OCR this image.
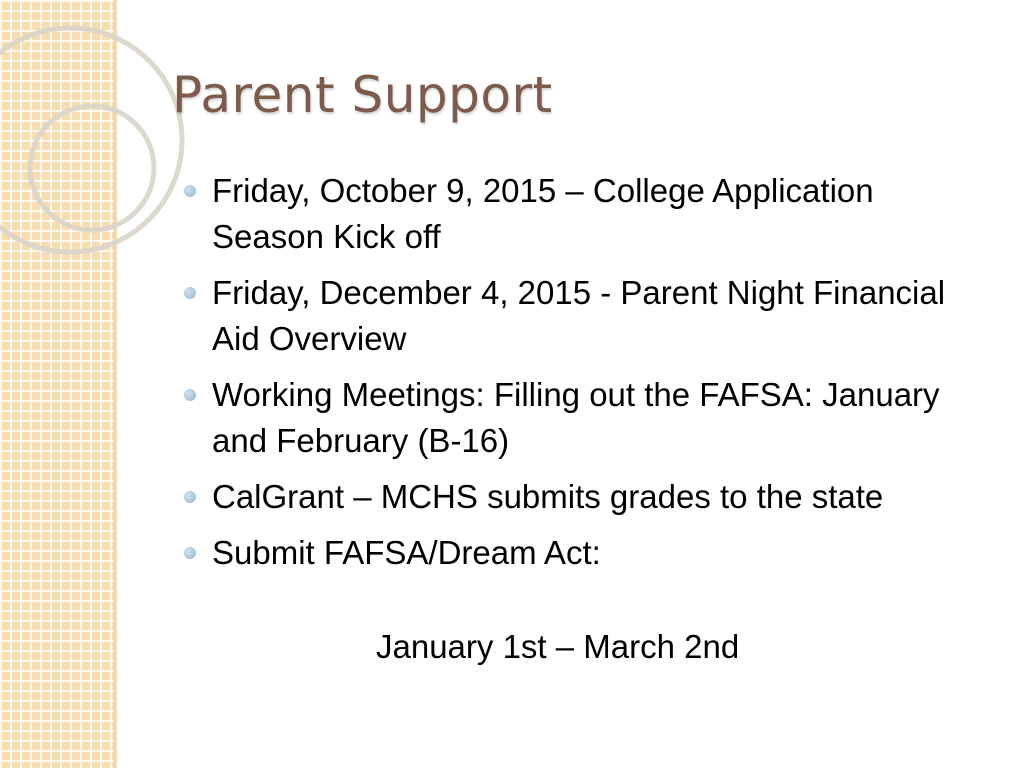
Parent Support
Friday, October 9, 2015 – College Application Season Kick off
Friday, December 4, 2015 - Parent Night Financial Aid Overview
Working Meetings: Filling out the FAFSA: January and February (B-16)
CalGrant – MCHS submits grades to the state
Submit FAFSA/Dream Act:
January 1st – March 2nd
